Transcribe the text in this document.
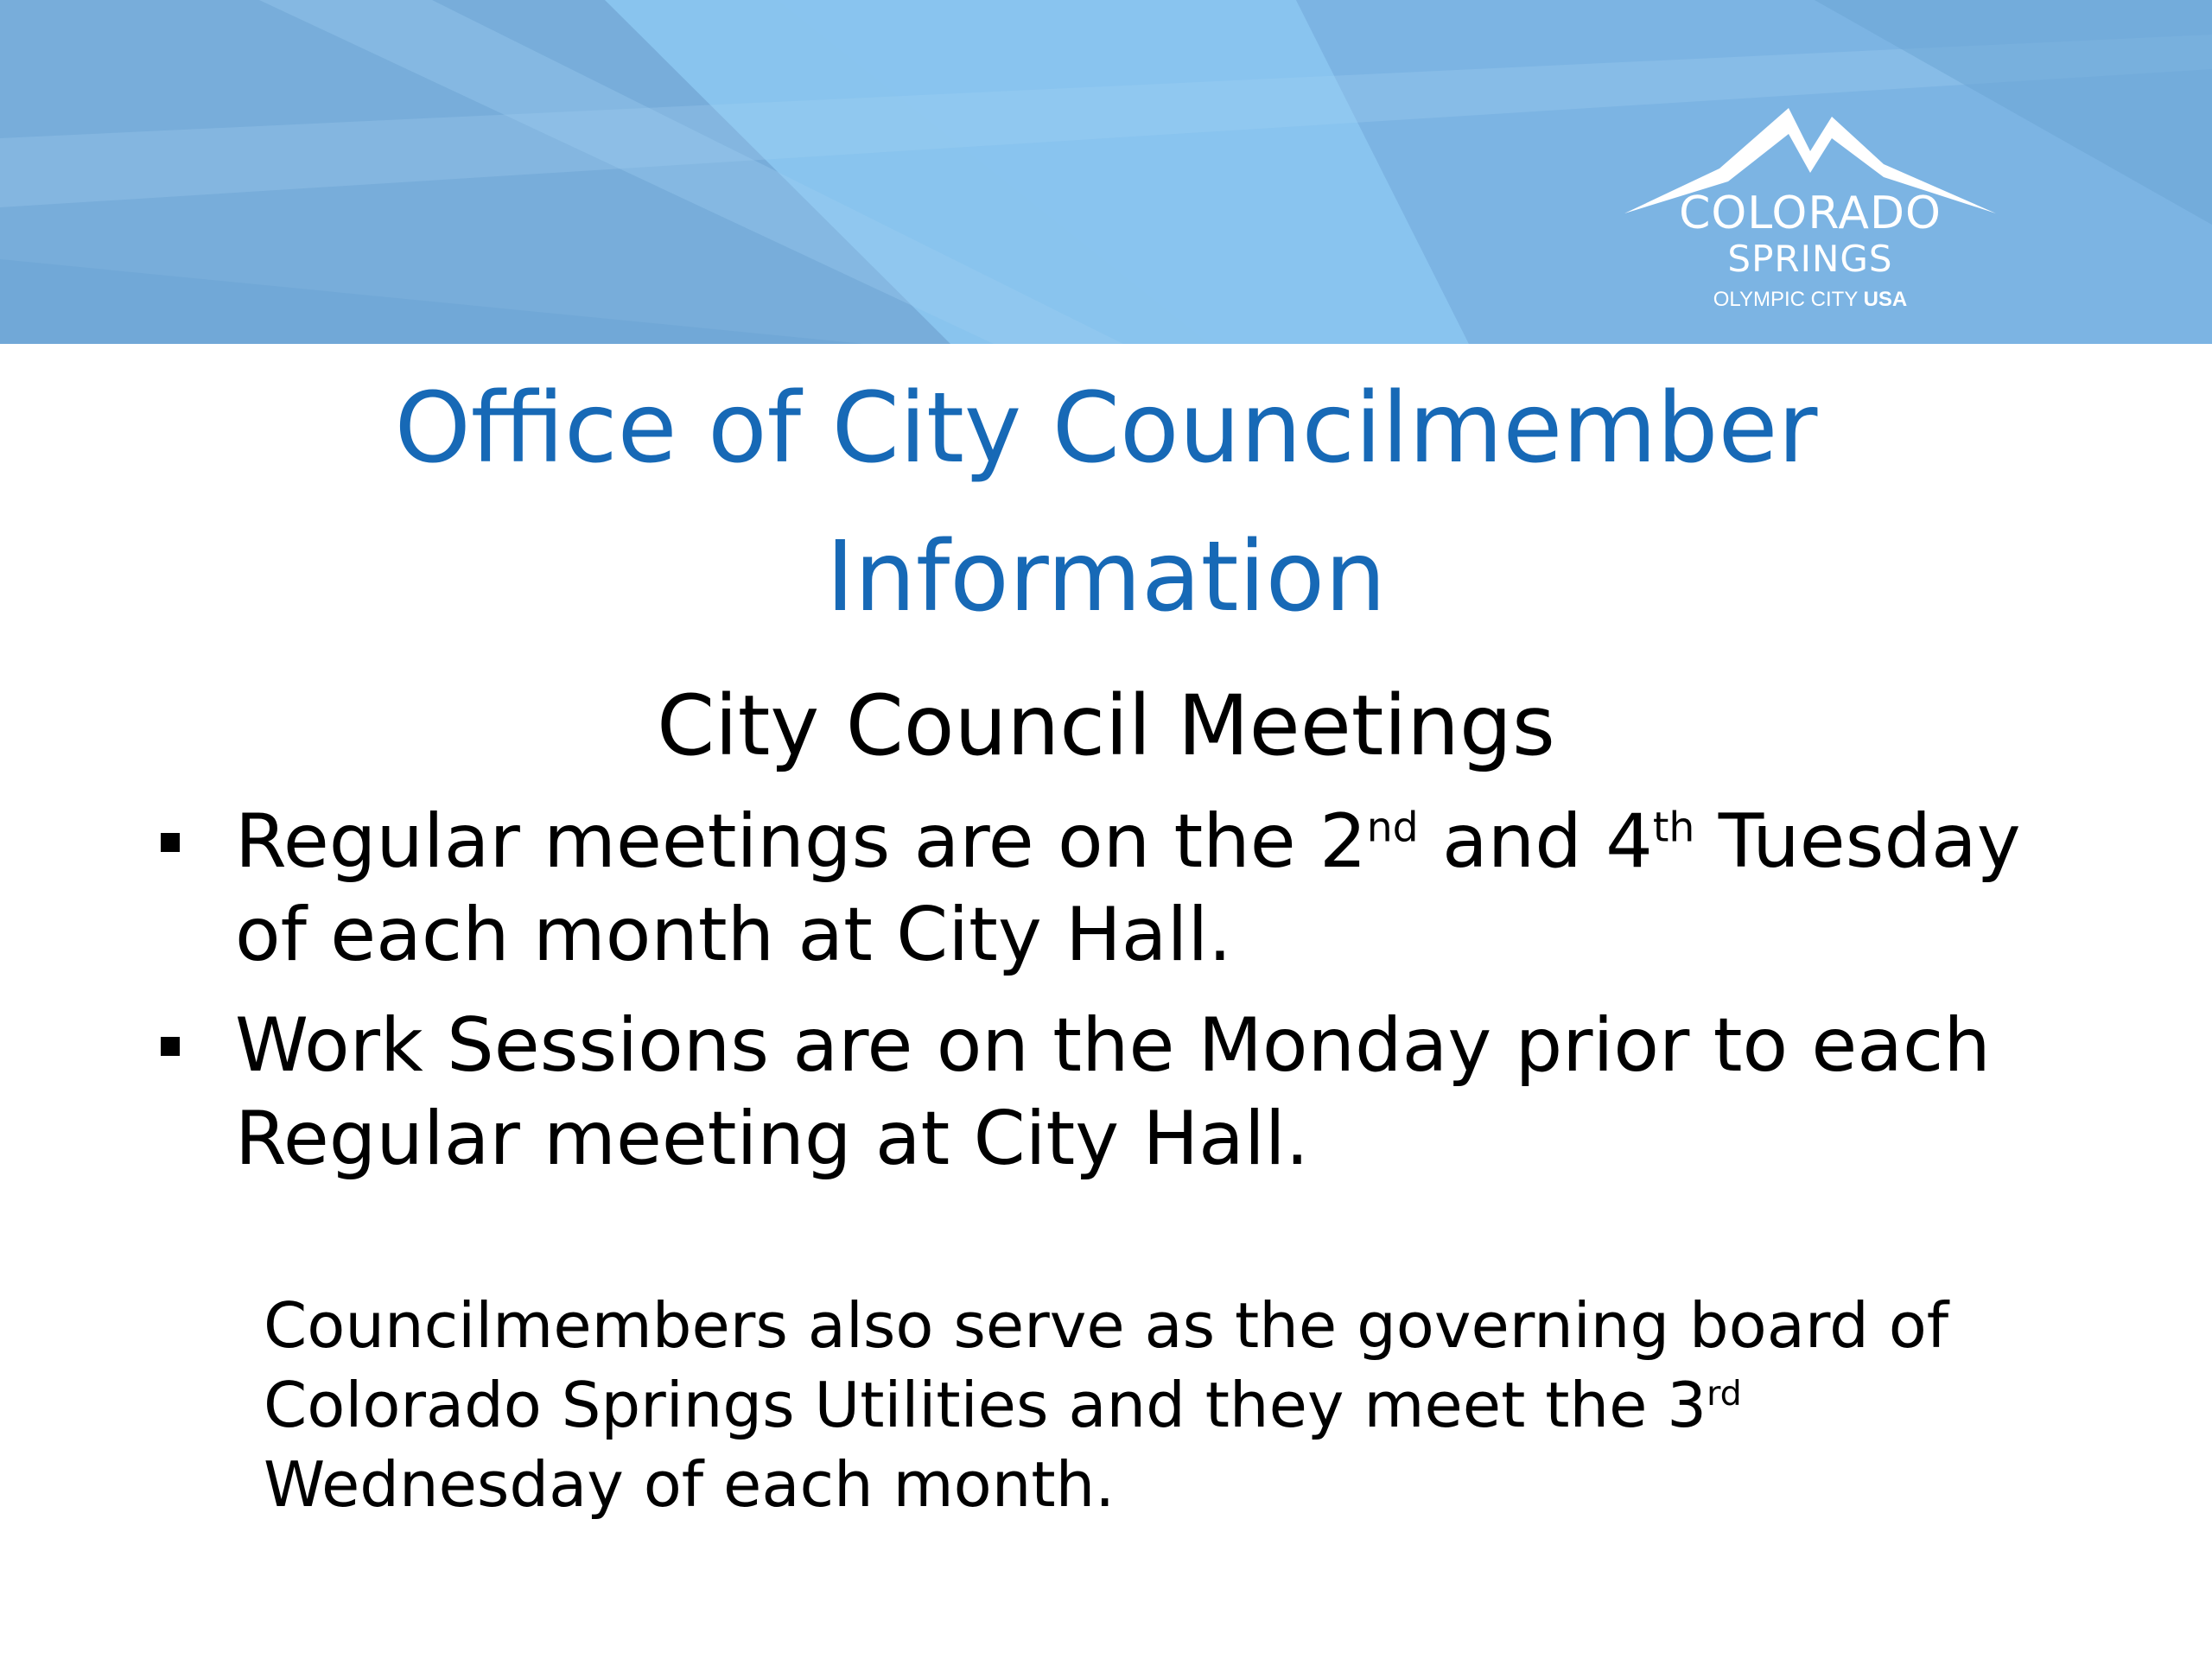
COLORADO
SPRINGS
OLYMPIC CITY USA
Office of City Councilmember
Information
City Council Meetings
Regular meetings are on the 2nd and 4th Tuesday of each month at City Hall.
Work Sessions are on the Monday prior to each Regular meeting at City Hall.

Councilmembers also serve as the governing board of Colorado Springs Utilities and they meet the 3rd Wednesday of each month.
